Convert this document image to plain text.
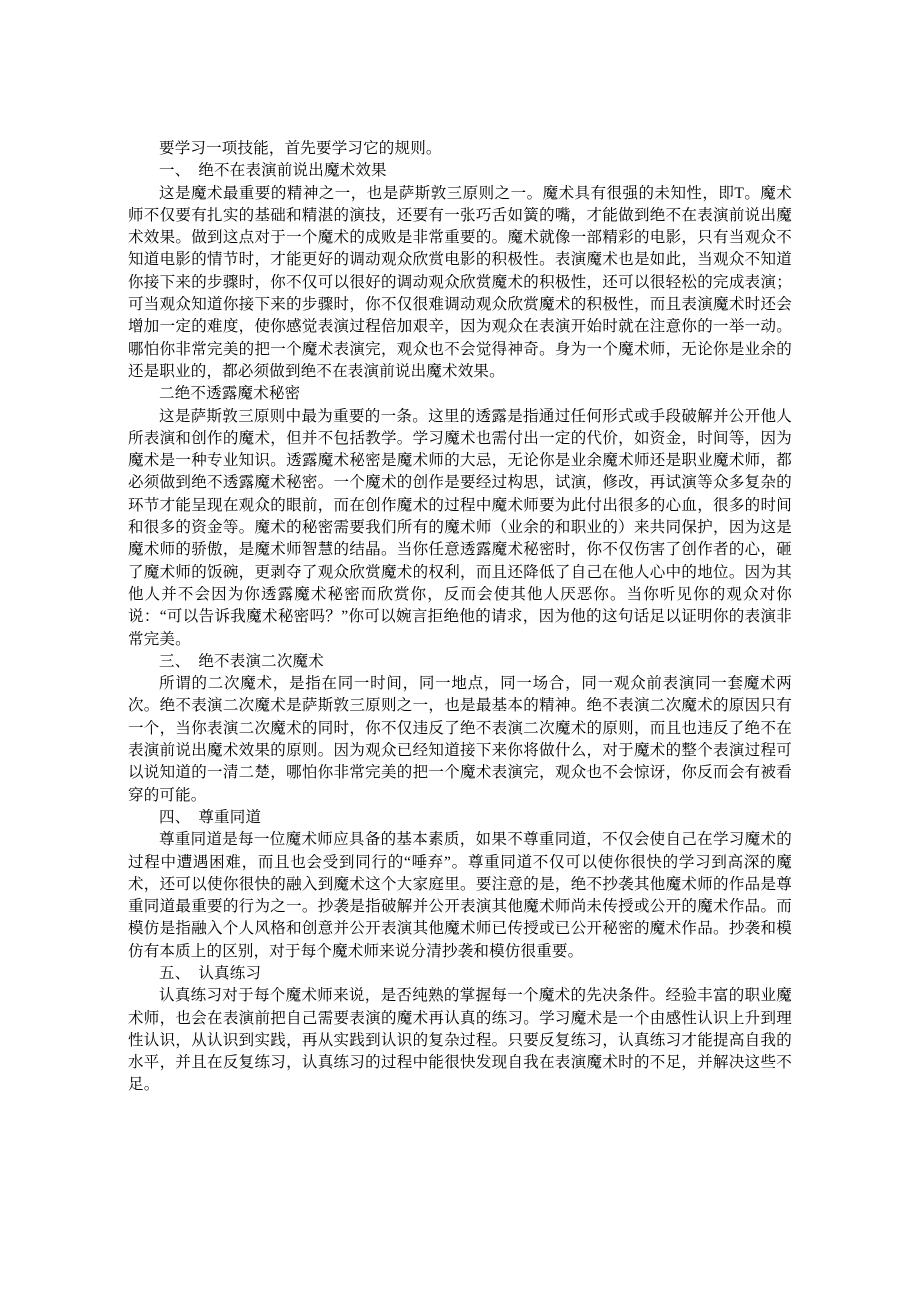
要学习一项技能，首先要学习它的规则。

一、　绝不在表演前说出魔术效果

这是魔术最重要的精神之一，也是萨斯敦三原则之一。魔术具有很强的未知性，即T。魔术师不仅要有扎实的基础和精湛的演技，还要有一张巧舌如簧的嘴，才能做到绝不在表演前说出魔术效果。做到这点对于一个魔术的成败是非常重要的。魔术就像一部精彩的电影，只有当观众不知道电影的情节时，才能更好的调动观众欣赏电影的积极性。表演魔术也是如此，当观众不知道你接下来的步骤时，你不仅可以很好的调动观众欣赏魔术的积极性，还可以很轻松的完成表演；可当观众知道你接下来的步骤时，你不仅很难调动观众欣赏魔术的积极性，而且表演魔术时还会增加一定的难度，使你感觉表演过程倍加艰辛，因为观众在表演开始时就在注意你的一举一动。哪怕你非常完美的把一个魔术表演完，观众也不会觉得神奇。身为一个魔术师，无论你是业余的还是职业的，都必须做到绝不在表演前说出魔术效果。

二绝不透露魔术秘密

这是萨斯敦三原则中最为重要的一条。这里的透露是指通过任何形式或手段破解并公开他人所表演和创作的魔术，但并不包括教学。学习魔术也需付出一定的代价，如资金，时间等，因为魔术是一种专业知识。透露魔术秘密是魔术师的大忌，无论你是业余魔术师还是职业魔术师，都必须做到绝不透露魔术秘密。一个魔术的创作是要经过构思，试演，修改，再试演等众多复杂的环节才能呈现在观众的眼前，而在创作魔术的过程中魔术师要为此付出很多的心血，很多的时间和很多的资金等。魔术的秘密需要我们所有的魔术师（业余的和职业的）来共同保护，因为这是魔术师的骄傲，是魔术师智慧的结晶。当你任意透露魔术秘密时，你不仅伤害了创作者的心，砸了魔术师的饭碗，更剥夺了观众欣赏魔术的权利，而且还降低了自己在他人心中的地位。因为其他人并不会因为你透露魔术秘密而欣赏你，反而会使其他人厌恶你。当你听见你的观众对你说：“可以告诉我魔术秘密吗？”你可以婉言拒绝他的请求，因为他的这句话足以证明你的表演非常完美。

三、　绝不表演二次魔术

所谓的二次魔术，是指在同一时间，同一地点，同一场合，同一观众前表演同一套魔术两次。绝不表演二次魔术是萨斯敦三原则之一，也是最基本的精神。绝不表演二次魔术的原因只有一个，当你表演二次魔术的同时，你不仅违反了绝不表演二次魔术的原则，而且也违反了绝不在表演前说出魔术效果的原则。因为观众已经知道接下来你将做什么，对于魔术的整个表演过程可以说知道的一清二楚，哪怕你非常完美的把一个魔术表演完，观众也不会惊讶，你反而会有被看穿的可能。

四、　尊重同道

尊重同道是每一位魔术师应具备的基本素质，如果不尊重同道，不仅会使自己在学习魔术的过程中遭遇困难，而且也会受到同行的“唾弃”。尊重同道不仅可以使你很快的学习到高深的魔术，还可以使你很快的融入到魔术这个大家庭里。要注意的是，绝不抄袭其他魔术师的作品是尊重同道最重要的行为之一。抄袭是指破解并公开表演其他魔术师尚未传授或公开的魔术作品。而模仿是指融入个人风格和创意并公开表演其他魔术师已传授或已公开秘密的魔术作品。抄袭和模仿有本质上的区别，对于每个魔术师来说分清抄袭和模仿很重要。

五、　认真练习

认真练习对于每个魔术师来说，是否纯熟的掌握每一个魔术的先决条件。经验丰富的职业魔术师，也会在表演前把自己需要表演的魔术再认真的练习。学习魔术是一个由感性认识上升到理性认识，从认识到实践，再从实践到认识的复杂过程。只要反复练习，认真练习才能提高自我的水平，并且在反复练习，认真练习的过程中能很快发现自我在表演魔术时的不足，并解决这些不足。
